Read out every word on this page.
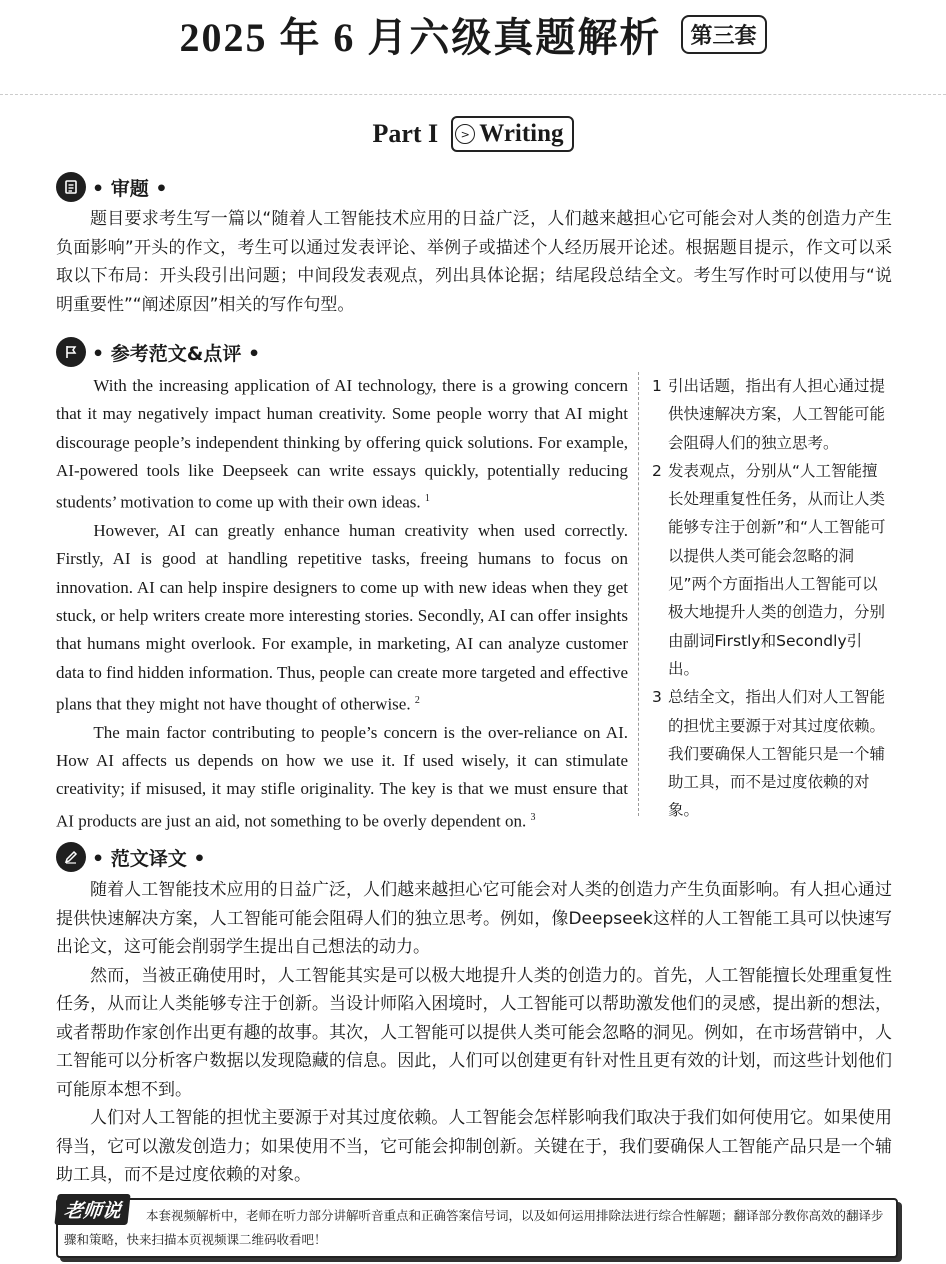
2025 年 6 月六级真题解析 第三套
Part I	> Writing
• 审题 •

题目要求考生写一篇以“随着人工智能技术应用的日益广泛，人们越来越担心它可能会对人类的创造力产生负面影响”开头的作文，考生可以通过发表评论、举例子或描述个人经历展开论述。根据题目提示，作文可以采取以下布局：开头段引出问题；中间段发表观点，列出具体论据；结尾段总结全文。考生写作时可以使用与“说明重要性”“阐述原因”相关的写作句型。

• 参考范文&点评 •

With the increasing application of AI technology, there is a growing concern that it may negatively impact human creativity. Some people worry that AI might discourage people’s independent thinking by offering quick solutions. For example, AI-powered tools like Deepseek can write essays quickly, potentially reducing students’ motivation to come up with their own ideas. $^1$

However, AI can greatly enhance human creativity when used correctly. Firstly, AI is good at handling repetitive tasks, freeing humans to focus on innovation. AI can help inspire designers to come up with new ideas when they get stuck, or help writers create more interesting stories. Secondly, AI can offer insights that humans might overlook. For example, in marketing, AI can analyze customer data to find hidden information. Thus, people can create more targeted and effective plans that they might not have thought of otherwise. $^2$

The main factor contributing to people’s concern is the over-reliance on AI. How AI affects us depends on how we use it. If used wisely, it can stimulate creativity; if misused, it may stifle originality. The key is that we must ensure that AI products are just an aid, not something to be overly dependent on. $^3$

1 引出话题，指出有人担心通过提供快速解决方案，人工智能可能会阻碍人们的独立思考。
2 发表观点，分别从“人工智能擅长处理重复性任务，从而让人类能够专注于创新”和“人工智能可以提供人类可能会忽略的洞见”两个方面指出人工智能可以极大地提升人类的创造力，分别由副词Firstly和Secondly引出。
3 总结全文，指出人们对人工智能的担忧主要源于对其过度依赖。我们要确保人工智能只是一个辅助工具，而不是过度依赖的对象。
• 范文译文 •

随着人工智能技术应用的日益广泛，人们越来越担心它可能会对人类的创造力产生负面影响。有人担心通过提供快速解决方案，人工智能可能会阻碍人们的独立思考。例如，像Deepseek这样的人工智能工具可以快速写出论文，这可能会削弱学生提出自己想法的动力。

然而，当被正确使用时，人工智能其实是可以极大地提升人类的创造力的。首先，人工智能擅长处理重复性任务，从而让人类能够专注于创新。当设计师陷入困境时，人工智能可以帮助激发他们的灵感，提出新的想法，或者帮助作家创作出更有趣的故事。其次，人工智能可以提供人类可能会忽略的洞见。例如，在市场营销中，人工智能可以分析客户数据以发现隐藏的信息。因此，人们可以创建更有针对性且更有效的计划，而这些计划他们可能原本想不到。

人们对人工智能的担忧主要源于对其过度依赖。人工智能会怎样影响我们取决于我们如何使用它。如果使用得当，它可以激发创造力；如果使用不当，它可能会抑制创新。关键在于，我们要确保人工智能产品只是一个辅助工具，而不是过度依赖的对象。

本套视频解析中，老师在听力部分讲解听音重点和正确答案信号词，以及如何运用排除法进行综合性解题；翻译部分教你高效的翻译步骤和策略，快来扫描本页视频课二维码收看吧！
老师说
